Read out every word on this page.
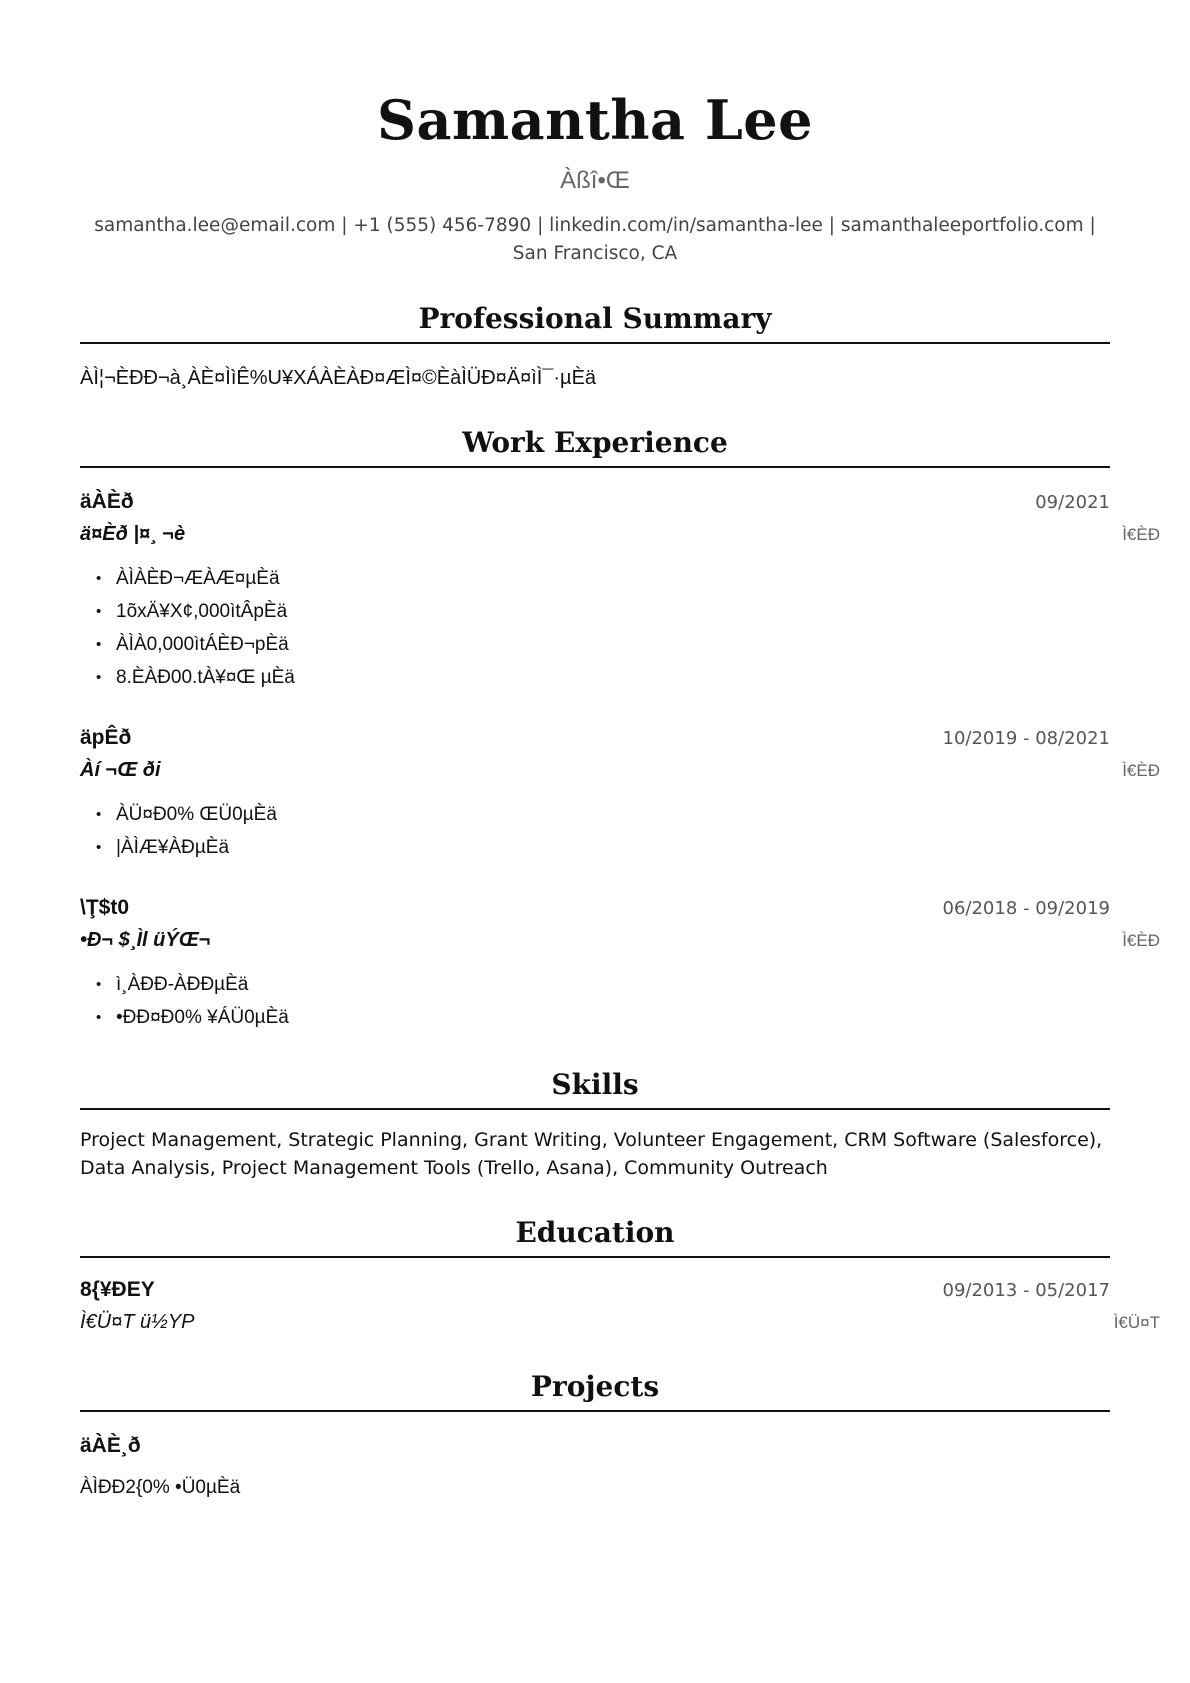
Samantha Lee
Àßî•Œ
samantha.lee@email.com | +1 (555) 456-7890 | linkedin.com/in/samantha-lee | samanthaleeportfolio.com | San Francisco, CA
Professional Summary
ÀÌ¦¬ÈÐÐ¬à¸ÀÈ¤ÌìÊ%U¥XÁÀÈÀÐ¤ÆÌ¤©ÈàÌÜÐ¤Ä¤ìÌ¯·µÈä
Work Experience
äÀÈð	09/2021
ä¤Èð |¤¸ ¬è	Ì€ÈÐ
• ÀÌÀÈÐ¬ÆÀÆ¤µÈä
• 1õxÄ¥X¢,000ìtÂpÈä
• ÀÌÀ0,000ìtÁÈÐ¬pÈä
• 8.ÈÀÐ00.tÀ¥¤Œ µÈä
äpÊð	10/2019 - 08/2021
Àí ¬Œ ði	Ì€ÈÐ
• ÀÜ¤Ð0% ŒÜ0µÈä
• |ÀÌÆ¥ÀÐµÈä
\Ţ$t0	06/2018 - 09/2019
•Ð¬ $¸Ìl üÝŒ¬	Ì€ÈÐ
• ì¸ÀÐÐ-ÀÐÐµÈä
• •ÐÐ¤Ð0% ¥ÁÜ0µÈä
Skills
Project Management, Strategic Planning, Grant Writing, Volunteer Engagement, CRM Software (Salesforce), Data Analysis, Project Management Tools (Trello, Asana), Community Outreach
Education
8{¥ÐEY	09/2013 - 05/2017
Ì€Ü¤T ü½YP	Ì€Ü¤T
Projects
äÀÈ¸ð
ÀÌÐÐ2{0% •Ü0µÈä
